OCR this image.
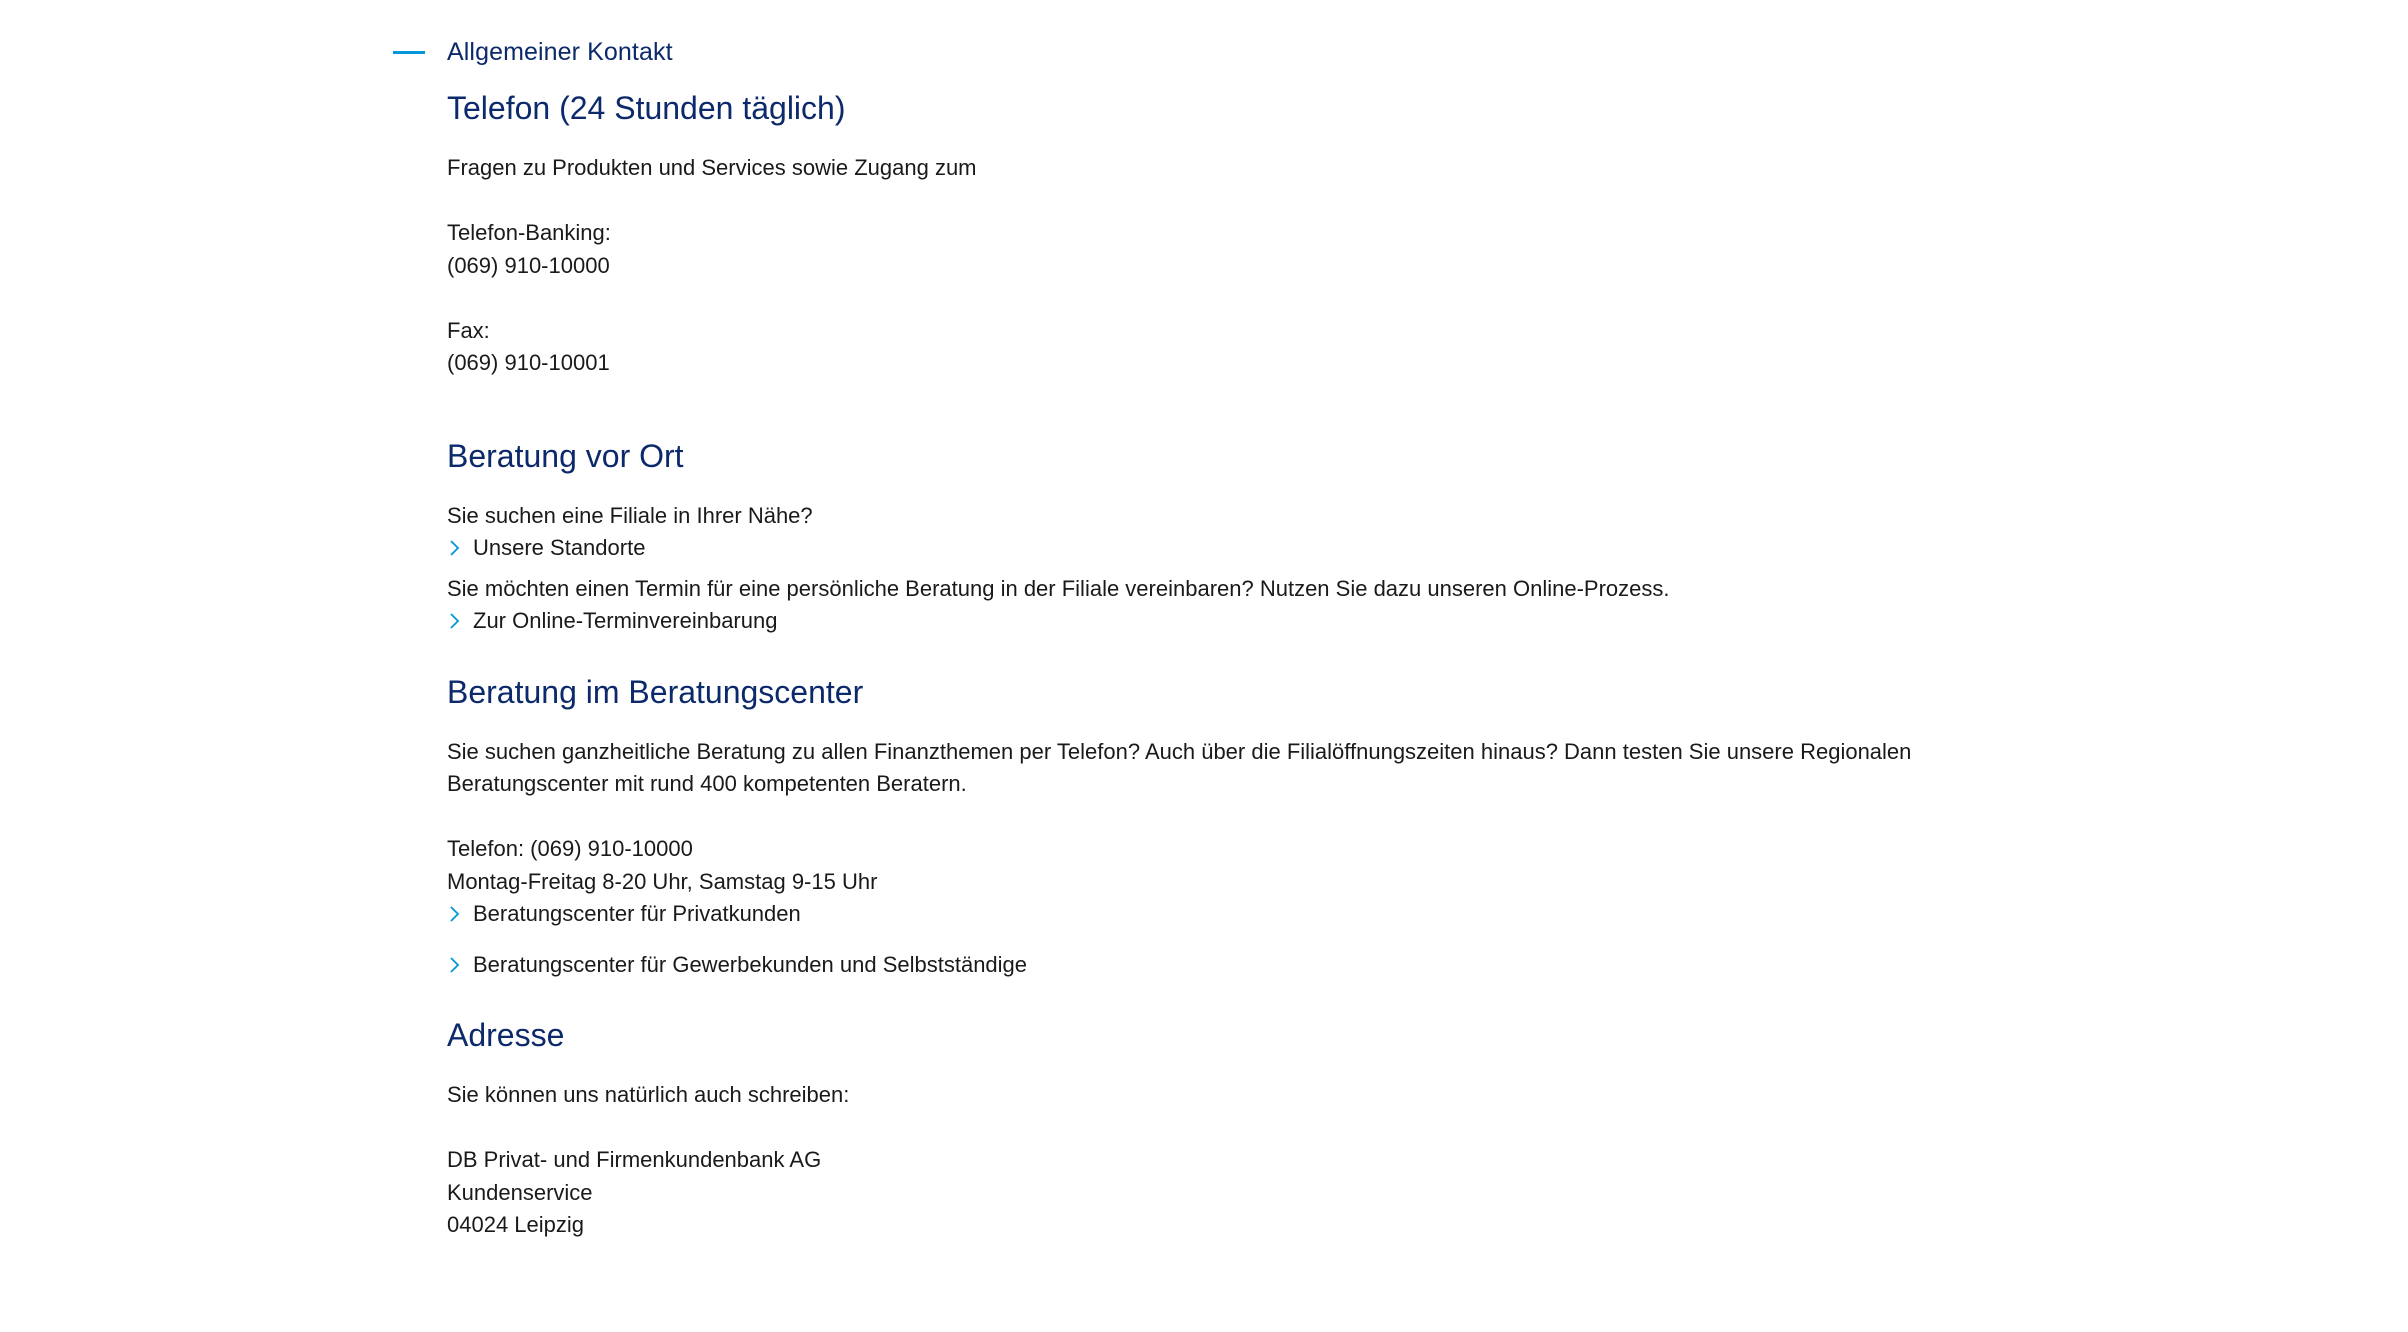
Allgemeiner Kontakt
Telefon (24 Stunden täglich)

Fragen zu Produkten und Services sowie Zugang zum

Telefon-Banking:

(069) 910-10000

Fax:

(069) 910-10001

Beratung vor Ort

Sie suchen eine Filiale in Ihrer Nähe?

Unsere Standorte

Sie möchten einen Termin für eine persönliche Beratung in der Filiale vereinbaren? Nutzen Sie dazu unseren Online-Prozess.

Zur Online-Terminvereinbarung
Beratung im Beratungscenter

Sie suchen ganzheitliche Beratung zu allen Finanzthemen per Telefon? Auch über die Filialöffnungszeiten hinaus? Dann testen Sie unsere Regionalen

Beratungscenter mit rund 400 kompetenten Beratern.

Telefon: (069) 910-10000

Montag-Freitag 8-20 Uhr, Samstag 9-15 Uhr

Beratungscenter für Privatkunden
Beratungscenter für Gewerbekunden und Selbstständige
Adresse

Sie können uns natürlich auch schreiben:

DB Privat- und Firmenkundenbank AG

Kundenservice

04024 Leipzig
